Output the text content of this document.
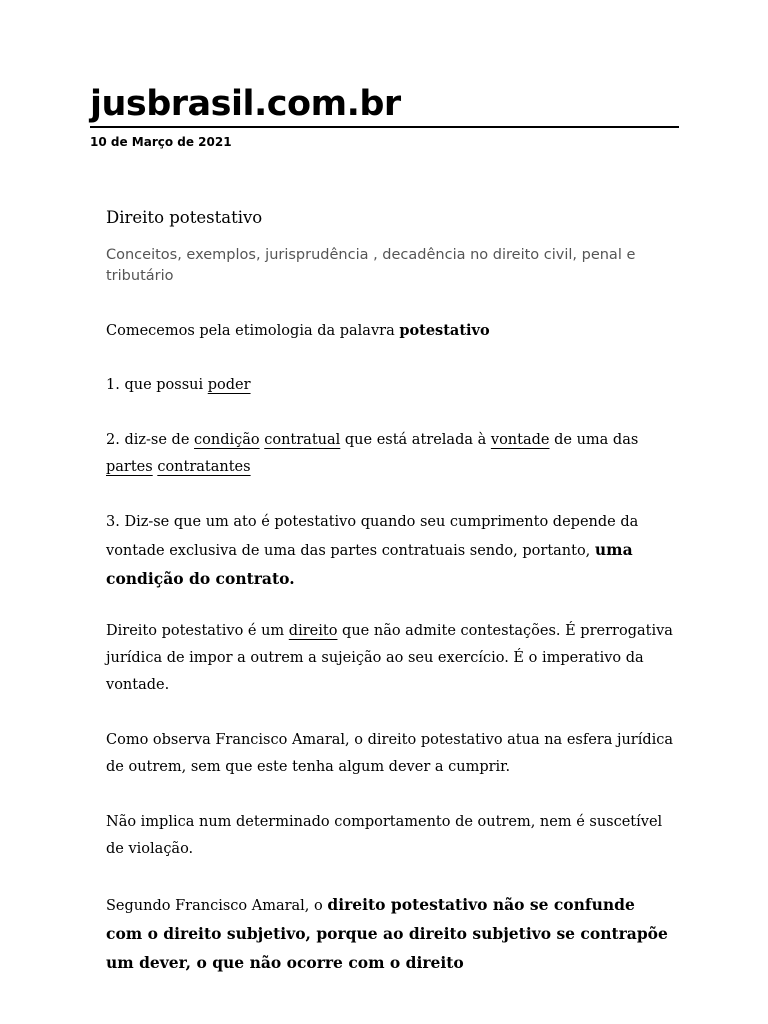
jusbrasil.com.br
10 de Março de 2021
Direito potestativo

Conceitos, exemplos, jurisprudência , decadência no direito civil, penal e tributário

Comecemos pela etimologia da palavra potestativo

1. que possui poder

2. diz-se de condição contratual que está atrelada à vontade de uma das
partes contratantes

3. Diz-se que um ato é potestativo quando seu cumprimento depende da vontade exclusiva de uma das partes contratuais sendo, portanto, uma condição do contrato.

Direito potestativo é um direito que não admite contestações. É prerrogativa jurídica de impor a outrem a sujeição ao seu exercício. É o imperativo da vontade.

Como observa Francisco Amaral, o direito potestativo atua na esfera jurídica de outrem, sem que este tenha algum dever a cumprir.

Não implica num determinado comportamento de outrem, nem é suscetível de violação.

Segundo Francisco Amaral, o direito potestativo não se confunde com o direito subjetivo, porque ao direito subjetivo se contrapõe um dever, o que não ocorre com o direito
